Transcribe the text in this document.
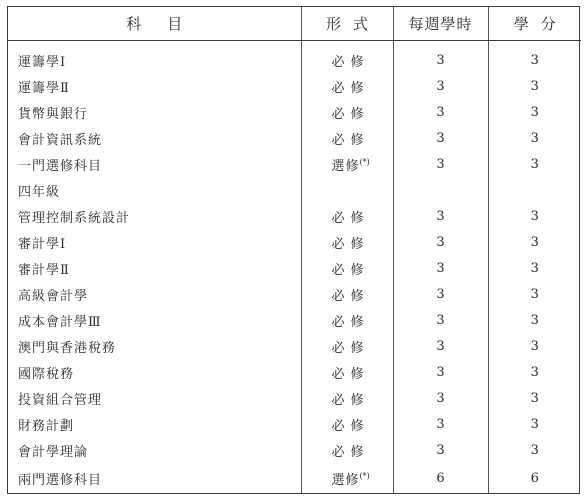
科目	形式	每週學時	學分
運籌學Ⅰ	必修	3	3
運籌學Ⅱ	必修	3	3
貨幣與銀行	必修	3	3
會計資訊系統	必修	3	3
一門選修科目	選修(*)	3	3
四年級			
管理控制系統設計	必修	3	3
審計學Ⅰ	必修	3	3
審計學Ⅱ	必修	3	3
高級會計學	必修	3	3
成本會計學Ⅲ	必修	3	3
澳門與香港稅務	必修	3	3
國際稅務	必修	3	3
投資組合管理	必修	3	3
財務計劃	必修	3	3
會計學理論	必修	3	3
兩門選修科目	選修(*)	6	6
